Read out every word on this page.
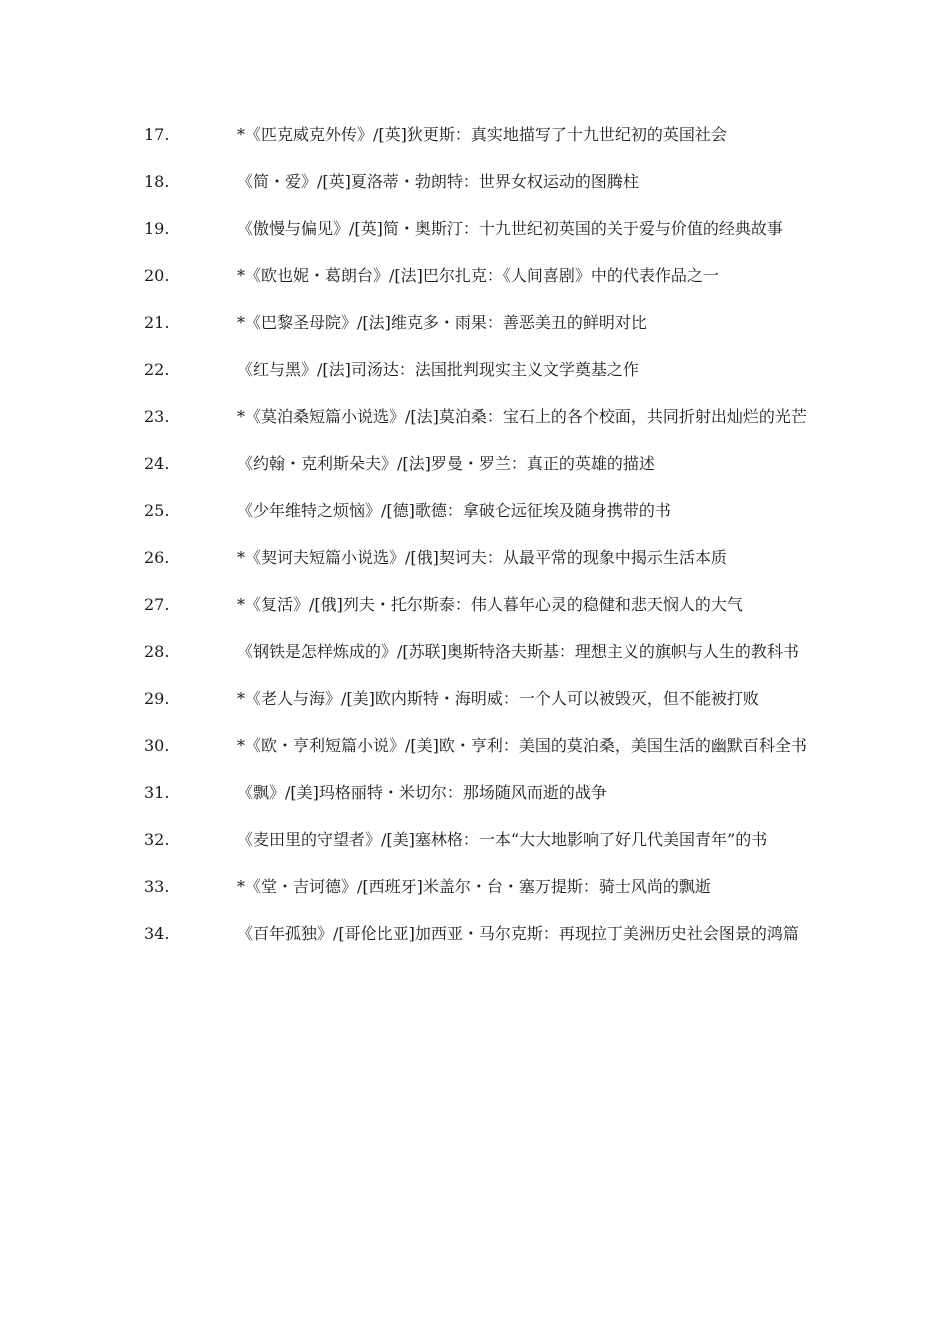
17.	*《匹克威克外传》/[英]狄更斯：真实地描写了十九世纪初的英国社会
18.	《简・爱》/[英]夏洛蒂・勃朗特：世界女权运动的图腾柱
19.	《傲慢与偏见》/[英]简・奥斯汀：十九世纪初英国的关于爱与价值的经典故事
20.	*《欧也妮・葛朗台》/[法]巴尔扎克：《人间喜剧》中的代表作品之一
21.	*《巴黎圣母院》/[法]维克多・雨果：善恶美丑的鲜明对比
22.	《红与黑》/[法]司汤达：法国批判现实主义文学奠基之作
23.	*《莫泊桑短篇小说选》/[法]莫泊桑：宝石上的各个校面，共同折射出灿烂的光芒
24.	《约翰・克利斯朵夫》/[法]罗曼・罗兰：真正的英雄的描述
25.	《少年维特之烦恼》/[德]歌德：拿破仑远征埃及随身携带的书
26.	*《契诃夫短篇小说选》/[俄]契诃夫：从最平常的现象中揭示生活本质
27.	*《复活》/[俄]列夫・托尔斯泰：伟人暮年心灵的稳健和悲天悯人的大气
28.	《钢铁是怎样炼成的》/[苏联]奥斯特洛夫斯基：理想主义的旗帜与人生的教科书
29.	*《老人与海》/[美]欧内斯特・海明威：一个人可以被毁灭，但不能被打败
30.	*《欧・亨利短篇小说》/[美]欧・亨利：美国的莫泊桑，美国生活的幽默百科全书
31.	《飘》/[美]玛格丽特・米切尔：那场随风而逝的战争
32.	《麦田里的守望者》/[美]塞林格：一本“大大地影响了好几代美国青年”的书
33.	*《堂・吉诃德》/[西班牙]米盖尔・台・塞万提斯：骑士风尚的飘逝
34.	《百年孤独》/[哥伦比亚]加西亚・马尔克斯：再现拉丁美洲历史社会图景的鸿篇
